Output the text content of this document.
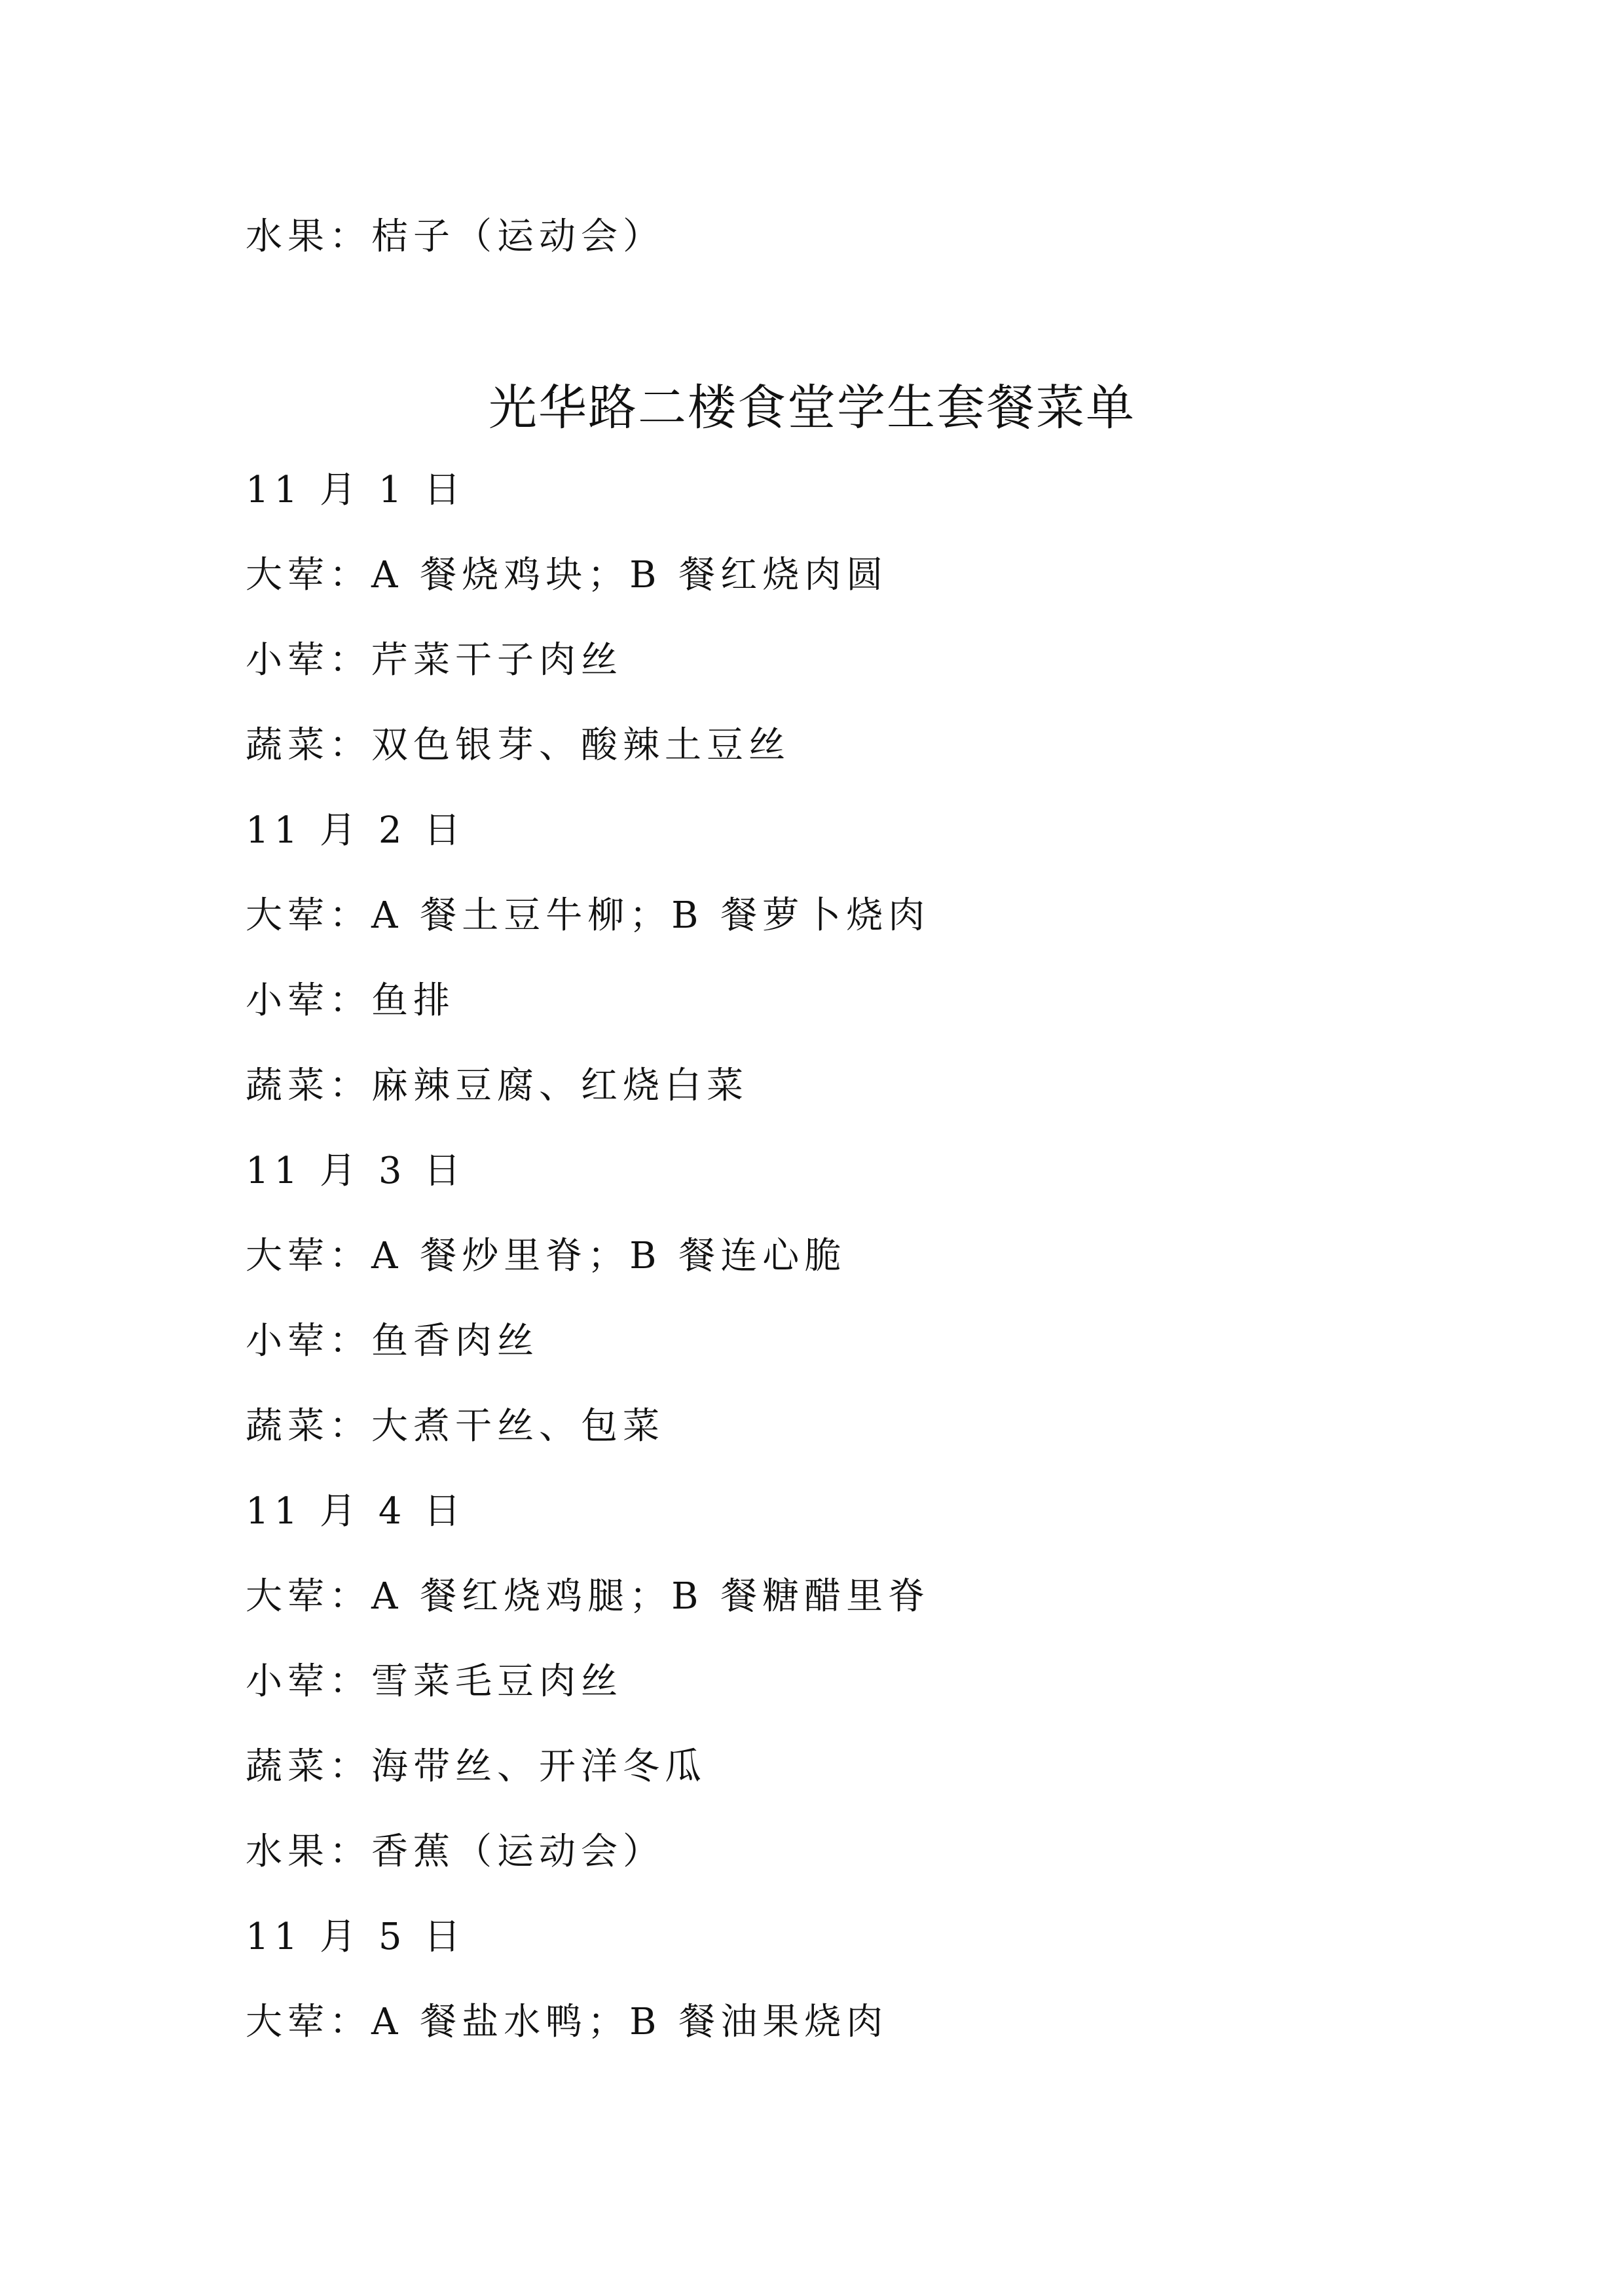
水果：桔子（运动会）
光华路二楼食堂学生套餐菜单
11 月 1 日
大荤：A 餐烧鸡块；B 餐红烧肉圆
小荤：芹菜干子肉丝
蔬菜：双色银芽、酸辣土豆丝
11 月 2 日
大荤：A 餐土豆牛柳；B 餐萝卜烧肉
小荤：鱼排
蔬菜：麻辣豆腐、红烧白菜
11 月 3 日
大荤：A 餐炒里脊；B 餐连心脆
小荤：鱼香肉丝
蔬菜：大煮干丝、包菜
11 月 4 日
大荤：A 餐红烧鸡腿；B 餐糖醋里脊
小荤：雪菜毛豆肉丝
蔬菜：海带丝、开洋冬瓜
水果：香蕉（运动会）
11 月 5 日
大荤：A 餐盐水鸭；B 餐油果烧肉
